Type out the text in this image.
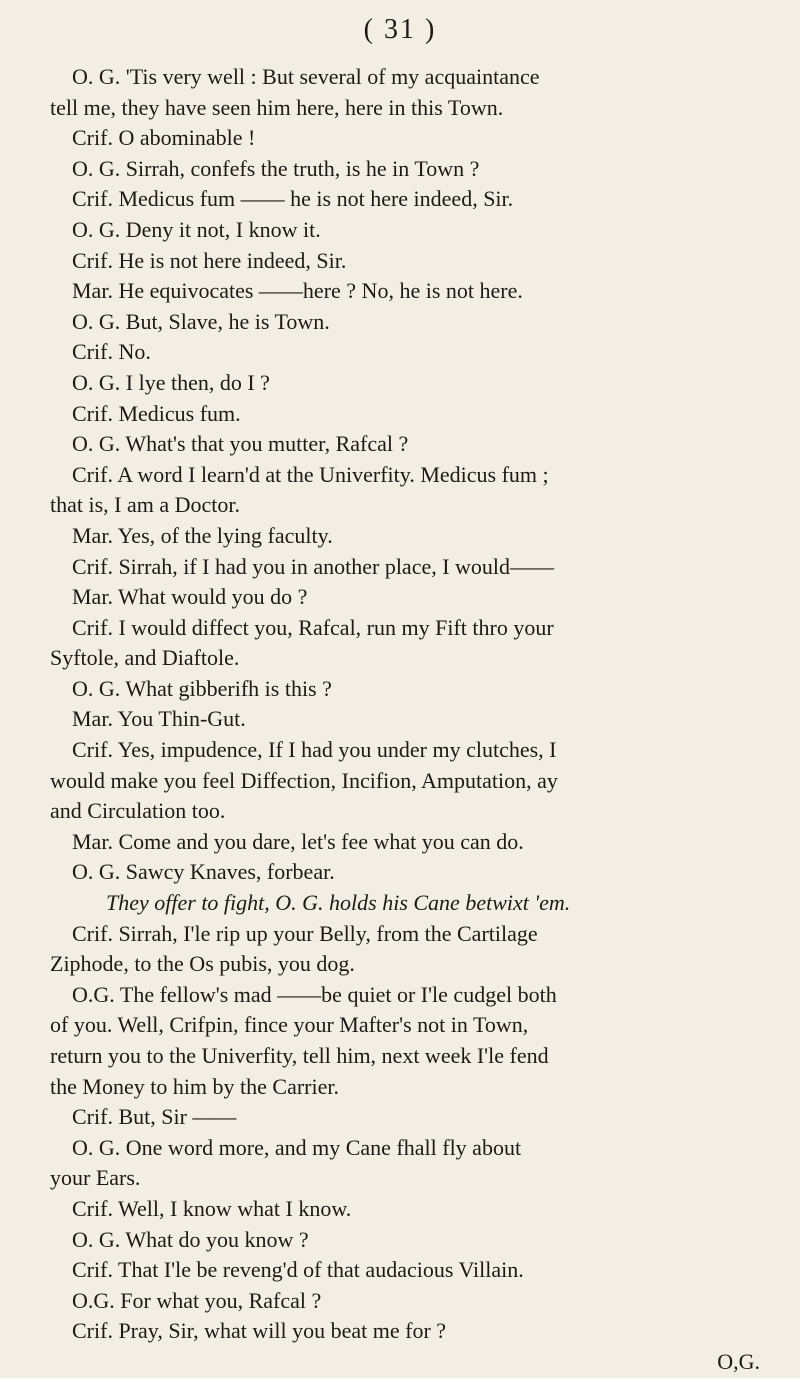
( 31 )
O. G. 'Tis very well : But several of my acquaintance
tell me, they have seen him here, here in this Town.
Crif. O abominable !
O. G. Sirrah, confefs the truth, is he in Town ?
Crif. Medicus fum —— he is not here indeed, Sir.
O. G. Deny it not, I know it.
Crif. He is not here indeed, Sir.
Mar. He equivocates ——here ? No, he is not here.
O. G. But, Slave, he is Town.
Crif. No.
O. G. I lye then, do I ?
Crif. Medicus fum.
O. G. What's that you mutter, Rafcal ?
Crif. A word I learn'd at the Univerfity. Medicus fum ;
that is, I am a Doctor.
Mar. Yes, of the lying faculty.
Crif. Sirrah, if I had you in another place, I would——
Mar. What would you do ?
Crif. I would diffect you, Rafcal, run my Fift thro your
Syftole, and Diaftole.
O. G. What gibberifh is this ?
Mar. You Thin-Gut.
Crif. Yes, impudence, If I had you under my clutches, I
would make you feel Diffection, Incifion, Amputation, ay
and Circulation too.
Mar. Come and you dare, let's fee what you can do.
O. G. Sawcy Knaves, forbear.
They offer to fight, O. G. holds his Cane betwixt 'em.
Crif. Sirrah, I'le rip up your Belly, from the Cartilage
Ziphode, to the Os pubis, you dog.
O.G. The fellow's mad ——be quiet or I'le cudgel both
of you. Well, Crifpin, fince your Mafter's not in Town,
return you to the Univerfity, tell him, next week I'le fend
the Money to him by the Carrier.
Crif. But, Sir ——
O. G. One word more, and my Cane fhall fly about
your Ears.
Crif. Well, I know what I know.
O. G. What do you know ?
Crif. That I'le be reveng'd of that audacious Villain.
O.G. For what you, Rafcal ?
Crif. Pray, Sir, what will you beat me for ?
O,G.
